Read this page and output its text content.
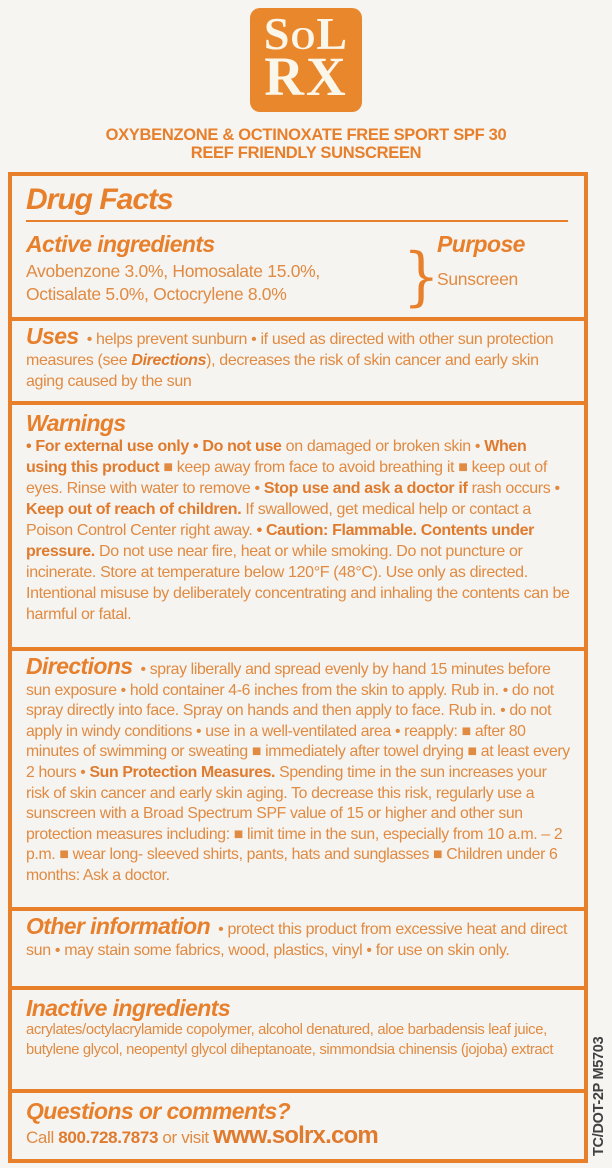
SoL
RX
OXYBENZONE & OCTINOXATE FREE SPORT SPF 30
REEF FRIENDLY SUNSCREEN
Drug Facts
Active ingredients
Avobenzone 3.0%, Homosalate 15.0%,
Octisalate 5.0%, Octocrylene 8.0%	}
Purpose
Sunscreen
Uses • helps prevent sunburn • if used as directed with other sun protection measures (see Directions), decreases the risk of skin cancer and early skin aging caused by the sun
Warnings
• For external use only • Do not use on damaged or broken skin • When using this product ■ keep away from face to avoid breathing it ■ keep out of eyes. Rinse with water to remove • Stop use and ask a doctor if rash occurs • Keep out of reach of children. If swallowed, get medical help or contact a Poison Control Center right away. • Caution: Flammable. Contents under pressure. Do not use near fire, heat or while smoking. Do not puncture or incinerate. Store at temperature below 120°F (48°C). Use only as directed. Intentional misuse by deliberately concentrating and inhaling the contents can be harmful or fatal.
Directions • spray liberally and spread evenly by hand 15 minutes before sun exposure • hold container 4-6 inches from the skin to apply. Rub in. • do not spray directly into face. Spray on hands and then apply to face. Rub in. • do not apply in windy conditions • use in a well-ventilated area • reapply: ■ after 80 minutes of swimming or sweating ■ immediately after towel drying ■ at least every 2 hours • Sun Protection Measures. Spending time in the sun increases your risk of skin cancer and early skin aging. To decrease this risk, regularly use a sunscreen with a Broad Spectrum SPF value of 15 or higher and other sun protection measures including: ■ limit time in the sun, especially from 10 a.m. – 2 p.m. ■ wear long- sleeved shirts, pants, hats and sunglasses ■ Children under 6 months: Ask a doctor.
Other information • protect this product from excessive heat and direct sun • may stain some fabrics, wood, plastics, vinyl • for use on skin only.
Inactive ingredients
acrylates/octylacrylamide copolymer, alcohol denatured, aloe barbadensis leaf juice, butylene glycol, neopentyl glycol diheptanoate, simmondsia chinensis (jojoba) extract
Questions or comments?
Call 800.728.7873 or visit www.solrx.com	TC/DOT-2P M5703
